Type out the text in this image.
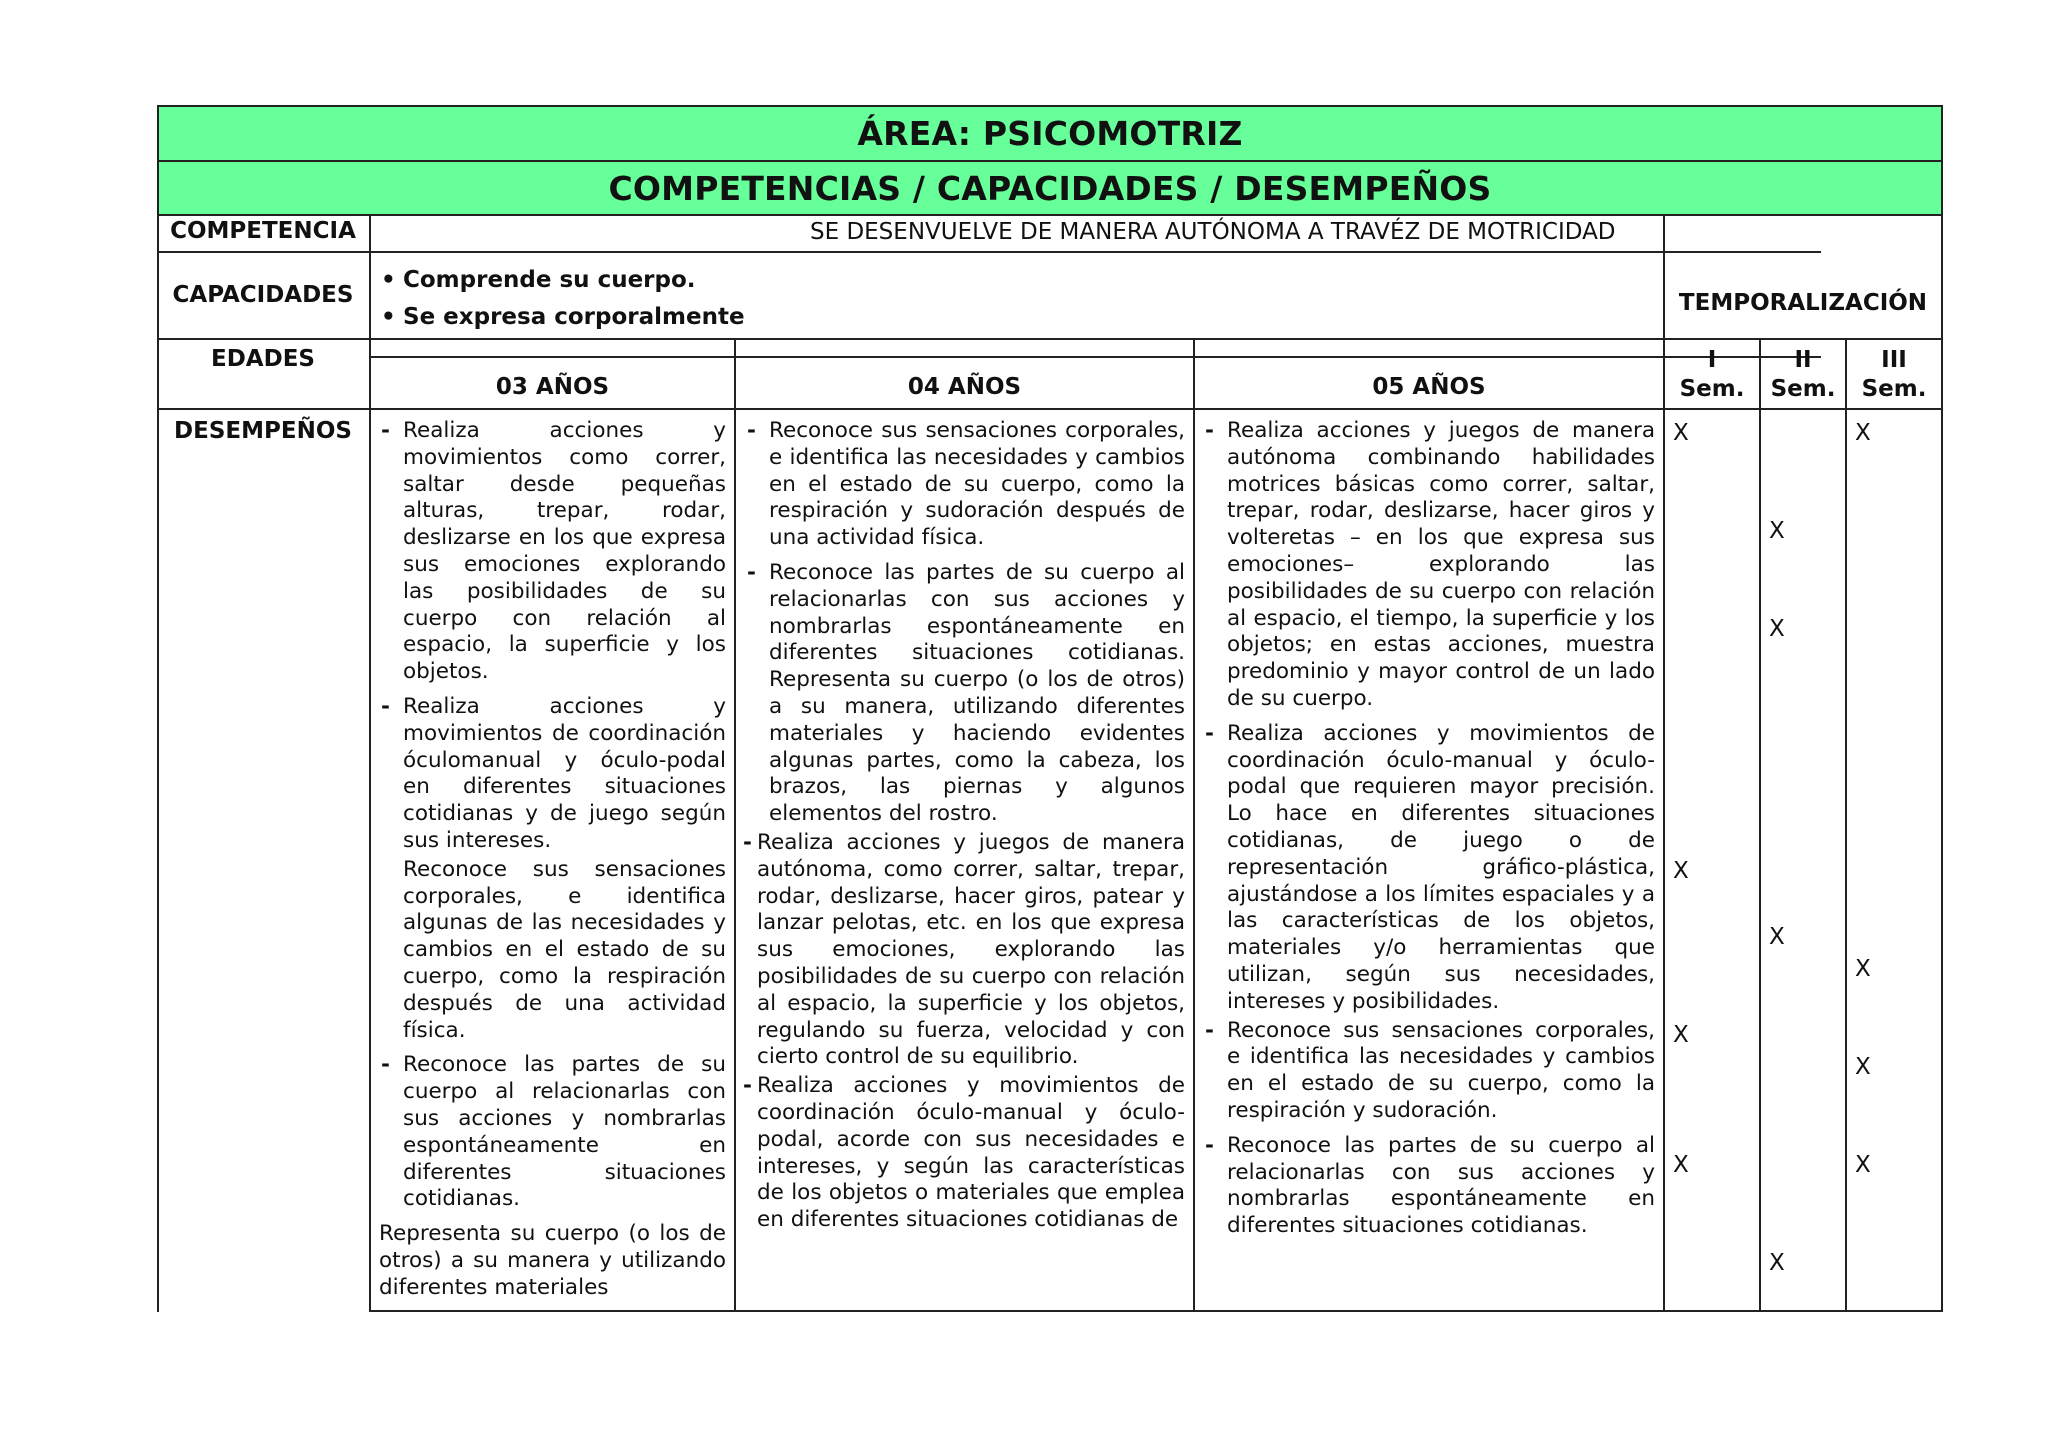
ÁREA: PSICOMOTRIZ
COMPETENCIAS / CAPACIDADES / DESEMPEÑOS
COMPETENCIA
CAPACIDADES
EDADES
DESEMPEÑOS
SE DESENVUELVE DE MANERA AUTÓNOMA A TRAVÉZ DE MOTRICIDAD
• Comprende su cuerpo.
• Se expresa corporalmente
TEMPORALIZACIÓN
03 AÑOS	04 AÑOS	05 AÑOS
I
Sem.
II
Sem.
III
Sem.
- Realiza acciones y movimientos como correr, saltar desde pequeñas alturas, trepar, rodar, deslizarse en los que expresa sus emociones explorando las posibilidades de su cuerpo con relación al espacio, la superficie y los objetos.
- Realiza acciones y movimientos de coordinación óculomanual y óculo-podal en diferentes situaciones cotidianas y de juego según sus intereses.
Reconoce sus sensaciones corporales, e identifica algunas de las necesidades y cambios en el estado de su cuerpo, como la respiración después de una actividad física.
- Reconoce las partes de su cuerpo al relacionarlas con sus acciones y nombrarlas espontáneamente en diferentes situaciones cotidianas.
Representa su cuerpo (o los de otros) a su manera y utilizando diferentes materiales
- Reconoce sus sensaciones corporales, e identifica las necesidades y cambios en el estado de su cuerpo, como la respiración y sudoración después de una actividad física.
- Reconoce las partes de su cuerpo al relacionarlas con sus acciones y nombrarlas espontáneamente en diferentes situaciones cotidianas. Representa su cuerpo (o los de otros) a su manera, utilizando diferentes materiales y haciendo evidentes algunas partes, como la cabeza, los brazos, las piernas y algunos elementos del rostro.
- Realiza acciones y juegos de manera autónoma, como correr, saltar, trepar, rodar, deslizarse, hacer giros, patear y lanzar pelotas, etc. en los que expresa sus emociones, explorando las posibilidades de su cuerpo con relación al espacio, la superficie y los objetos, regulando su fuerza, velocidad y con cierto control de su equilibrio.
- Realiza acciones y movimientos de coordinación óculo-manual y óculo-podal, acorde con sus necesidades e intereses, y según las características de los objetos o materiales que emplea en diferentes situaciones cotidianas de
- Realiza acciones y juegos de manera autónoma combinando habilidades motrices básicas como correr, saltar, trepar, rodar, deslizarse, hacer giros y volteretas – en los que expresa sus emociones– explorando las posibilidades de su cuerpo con relación al espacio, el tiempo, la superficie y los objetos; en estas acciones, muestra predominio y mayor control de un lado de su cuerpo.
- Realiza acciones y movimientos de coordinación óculo-manual y óculo-podal que requieren mayor precisión. Lo hace en diferentes situaciones cotidianas, de juego o de representación gráfico-plástica, ajustándose a los límites espaciales y a las características de los objetos, materiales y/o herramientas que utilizan, según sus necesidades, intereses y posibilidades.
- Reconoce sus sensaciones corporales, e identifica las necesidades y cambios en el estado de su cuerpo, como la respiración y sudoración.
- Reconoce las partes de su cuerpo al relacionarlas con sus acciones y nombrarlas espontáneamente en diferentes situaciones cotidianas.
X
X
X
X
X
X
X
X
X
X
X
X
